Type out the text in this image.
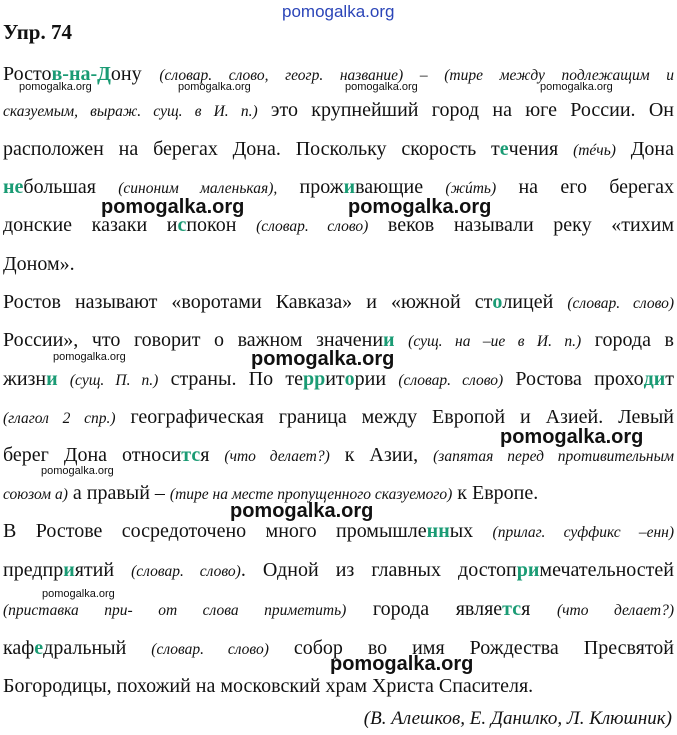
pomogalka.org
Упр. 74
Ростов-на-Дону (словар. слово, геогр. название) – (тире между подлежащим и
сказуемым, выраж. сущ. в И. п.) это крупнейший город на юге России. Он
расположен на берегах Дона. Поскольку скорость течения (тéчь) Дона
небольшая (синоним маленькая), проживающие (жúть) на его берегах
донские казаки испокон (словар. слово) веков называли реку «тихим
Доном».
Ростов называют «воротами Кавказа» и «южной столицей (словар. слово)
России», что говорит о важном значении (сущ. на –ие в И. п.) города в
жизни (сущ. П. п.) страны. По территории (словар. слово) Ростова проходит
(глагол 2 спр.) географическая граница между Европой и Азией. Левый
берег Дона относится (что делает?) к Азии, (запятая перед противительным
союзом а) а правый – (тире на месте пропущенного сказуемого) к Европе.
В Ростове сосредоточено много промышленных (прилаг. суффикс –енн)
предприятий (словар. слово). Одной из главных достопримечательностей
(приставка при- от слова приметить) города является (что делает?)
кафедральный (словар. слово) собор во имя Рождества Пресвятой
Богородицы, похожий на московский храм Христа Спасителя.
(В. Алешков, Е. Данилко, Л. Клюшник)
pomogalka.org	pomogalka.org	pomogalka.org	pomogalka.org
pomogalka.org	pomogalka.org
pomogalka.org	pomogalka.org
pomogalka.org
pomogalka.org
pomogalka.org
pomogalka.org
pomogalka.org
